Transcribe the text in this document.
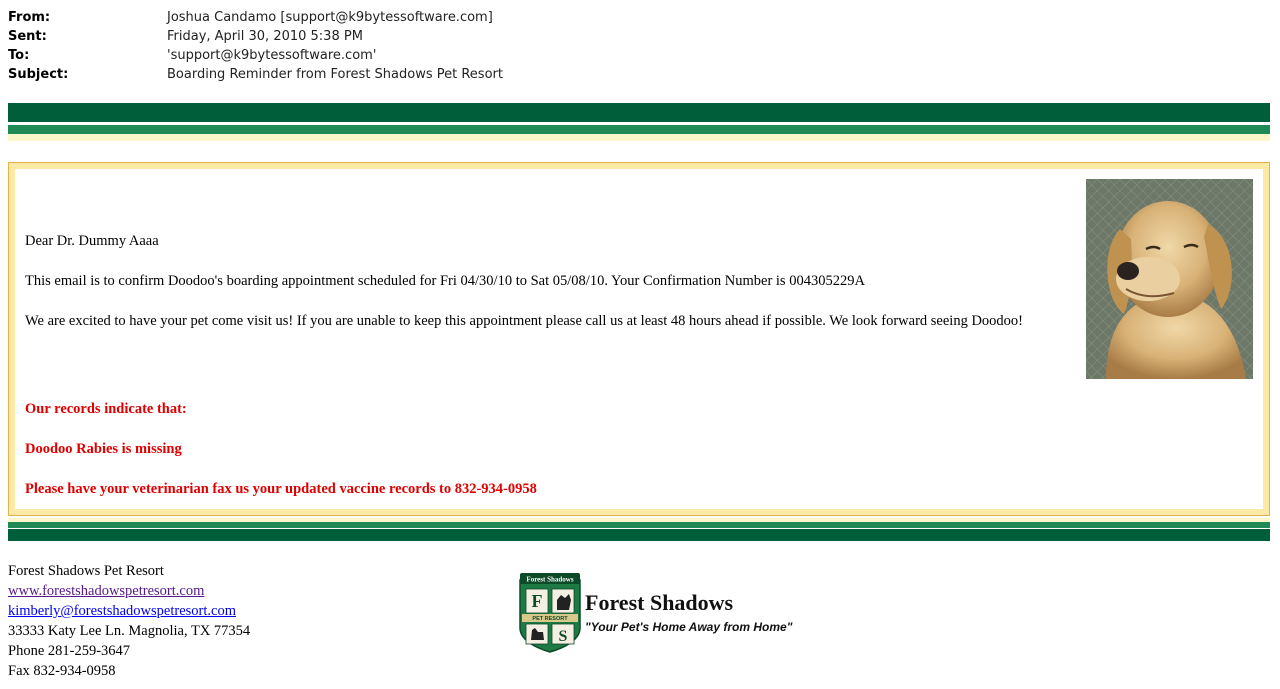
From:	Joshua Candamo [support@k9bytessoftware.com]
Sent:	Friday, April 30, 2010 5:38 PM
To:	'support@k9bytessoftware.com'
Subject:	Boarding Reminder from Forest Shadows Pet Resort
Dear Dr. Dummy Aaaa
This email is to confirm Doodoo's boarding appointment scheduled for Fri 04/30/10 to Sat 05/08/10. Your Confirmation Number is 004305229A
We are excited to have your pet come visit us! If you are unable to keep this appointment please call us at least 48 hours ahead if possible. We look forward seeing Doodoo!
Our records indicate that:
Doodoo Rabies is missing
Please have your veterinarian fax us your updated vaccine records to 832-934-0958
Forest Shadows Pet Resort
www.forestshadowspetresort.com
kimberly@forestshadowspetresort.com
33333 Katy Lee Ln. Magnolia, TX 77354
Phone 281-259-3647
Fax 832-934-0958
Forest Shadows
F
PET RESORT
S
Forest Shadows
"Your Pet's Home Away from Home"
